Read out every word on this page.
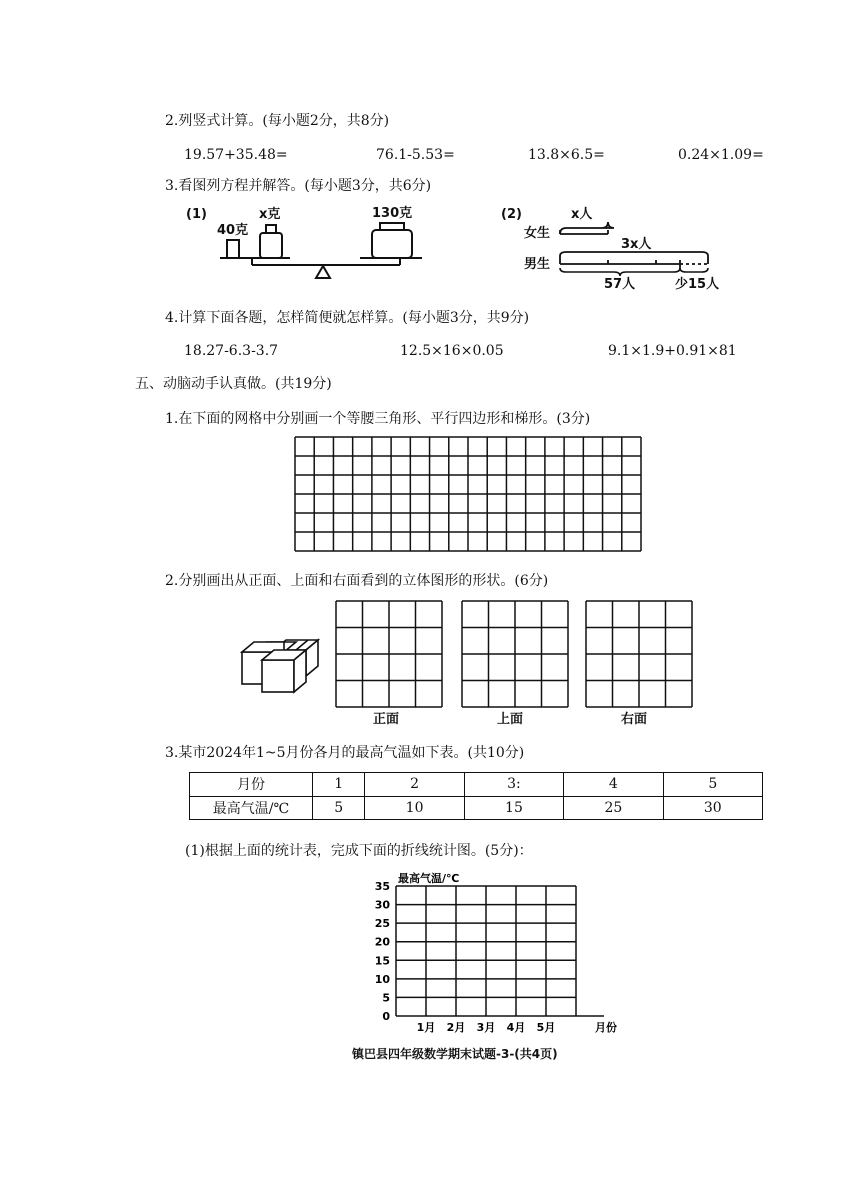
2.列竖式计算。(每小题2分，共8分)
19.57+35.48=	76.1-5.53=	13.8×6.5=	0.24×1.09=
3.看图列方程并解答。(每小题3分，共6分)
(1)
40克
x克	130克	(2)
女生
男生
x人
3x人
57人	少15人
4.计算下面各题，怎样简便就怎样算。(每小题3分，共9分)
18.27-6.3-3.7	12.5×16×0.05	9.1×1.9+0.91×81
五、动脑动手认真做。(共19分)
1.在下面的网格中分别画一个等腰三角形、平行四边形和梯形。(3分)
2.分别画出从正面、上面和右面看到的立体图形的形状。(6分)
正面	上面	右面
3.某市2024年1~5月份各月的最高气温如下表。(共10分)
月份	1	2	3:	4	5
最高气温/℃	5	10	15	25	30
(1)根据上面的统计表，完成下面的折线统计图。(5分)：
0
5
10
15
20
25
30
35
1月 2月 3月 4月 5月	月份
最高气温/℃
镇巴县四年级数学期末试题-3-(共4页)
